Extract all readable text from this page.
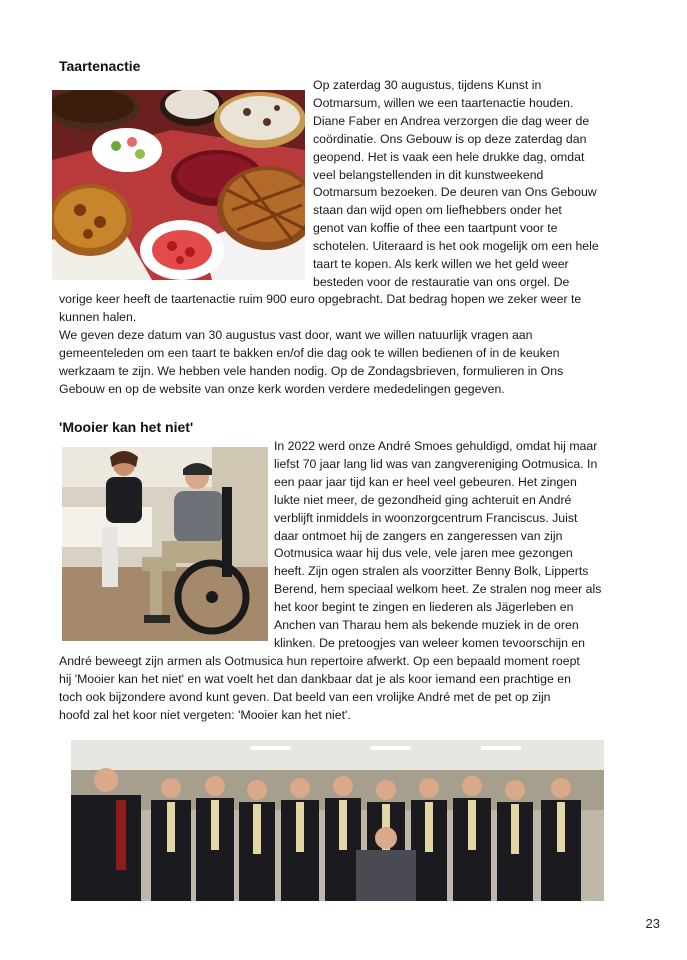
Taartenactie
Op zaterdag 30 augustus, tijdens Kunst in
Ootmarsum, willen we een taartenactie houden.
Diane Faber en Andrea verzorgen die dag weer de
coördinatie. Ons Gebouw is op deze zaterdag dan
geopend. Het is vaak een hele drukke dag, omdat
veel belangstellenden in dit kunstweekend
Ootmarsum bezoeken. De deuren van Ons Gebouw
staan dan wijd open om liefhebbers onder het
genot van koffie of thee een taartpunt voor te
schotelen. Uiteraard is het ook mogelijk om een hele
taart te kopen. Als kerk willen we het geld weer
besteden voor de restauratie van ons orgel. De
vorige keer heeft de taartenactie ruim 900 euro opgebracht. Dat bedrag hopen we zeker weer te
kunnen halen.
We geven deze datum van 30 augustus vast door, want we willen natuurlijk vragen aan
gemeenteleden om een taart te bakken en/of die dag ook te willen bedienen of in de keuken
werkzaam te zijn. We hebben vele handen nodig. Op de Zondagsbrieven, formulieren in Ons
Gebouw en op de website van onze kerk worden verdere mededelingen gegeven.
'Mooier kan het niet'
In 2022 werd onze André Smoes gehuldigd, omdat hij maar
liefst 70 jaar lang lid was van zangvereniging Ootmusica. In
een paar jaar tijd kan er heel veel gebeuren. Het zingen
lukte niet meer, de gezondheid ging achteruit en André
verblijft inmiddels in woonzorgcentrum Franciscus. Juist
daar ontmoet hij de zangers en zangeressen van zijn
Ootmusica waar hij dus vele, vele jaren mee gezongen
heeft. Zijn ogen stralen als voorzitter Benny Bolk, Lipperts
Berend, hem speciaal welkom heet. Ze stralen nog meer als
het koor begint te zingen en liederen als Jägerleben en
Anchen van Tharau hem als bekende muziek in de oren
klinken. De pretoogjes van weleer komen tevoorschijn en
André beweegt zijn armen als Ootmusica hun repertoire afwerkt. Op een bepaald moment roept
hij 'Mooier kan het niet' en wat voelt het dan dankbaar dat je als koor iemand een prachtige en
toch ook bijzondere avond kunt geven. Dat beeld van een vrolijke André met de pet op zijn
hoofd zal het koor niet vergeten: 'Mooier kan het niet'.
23
